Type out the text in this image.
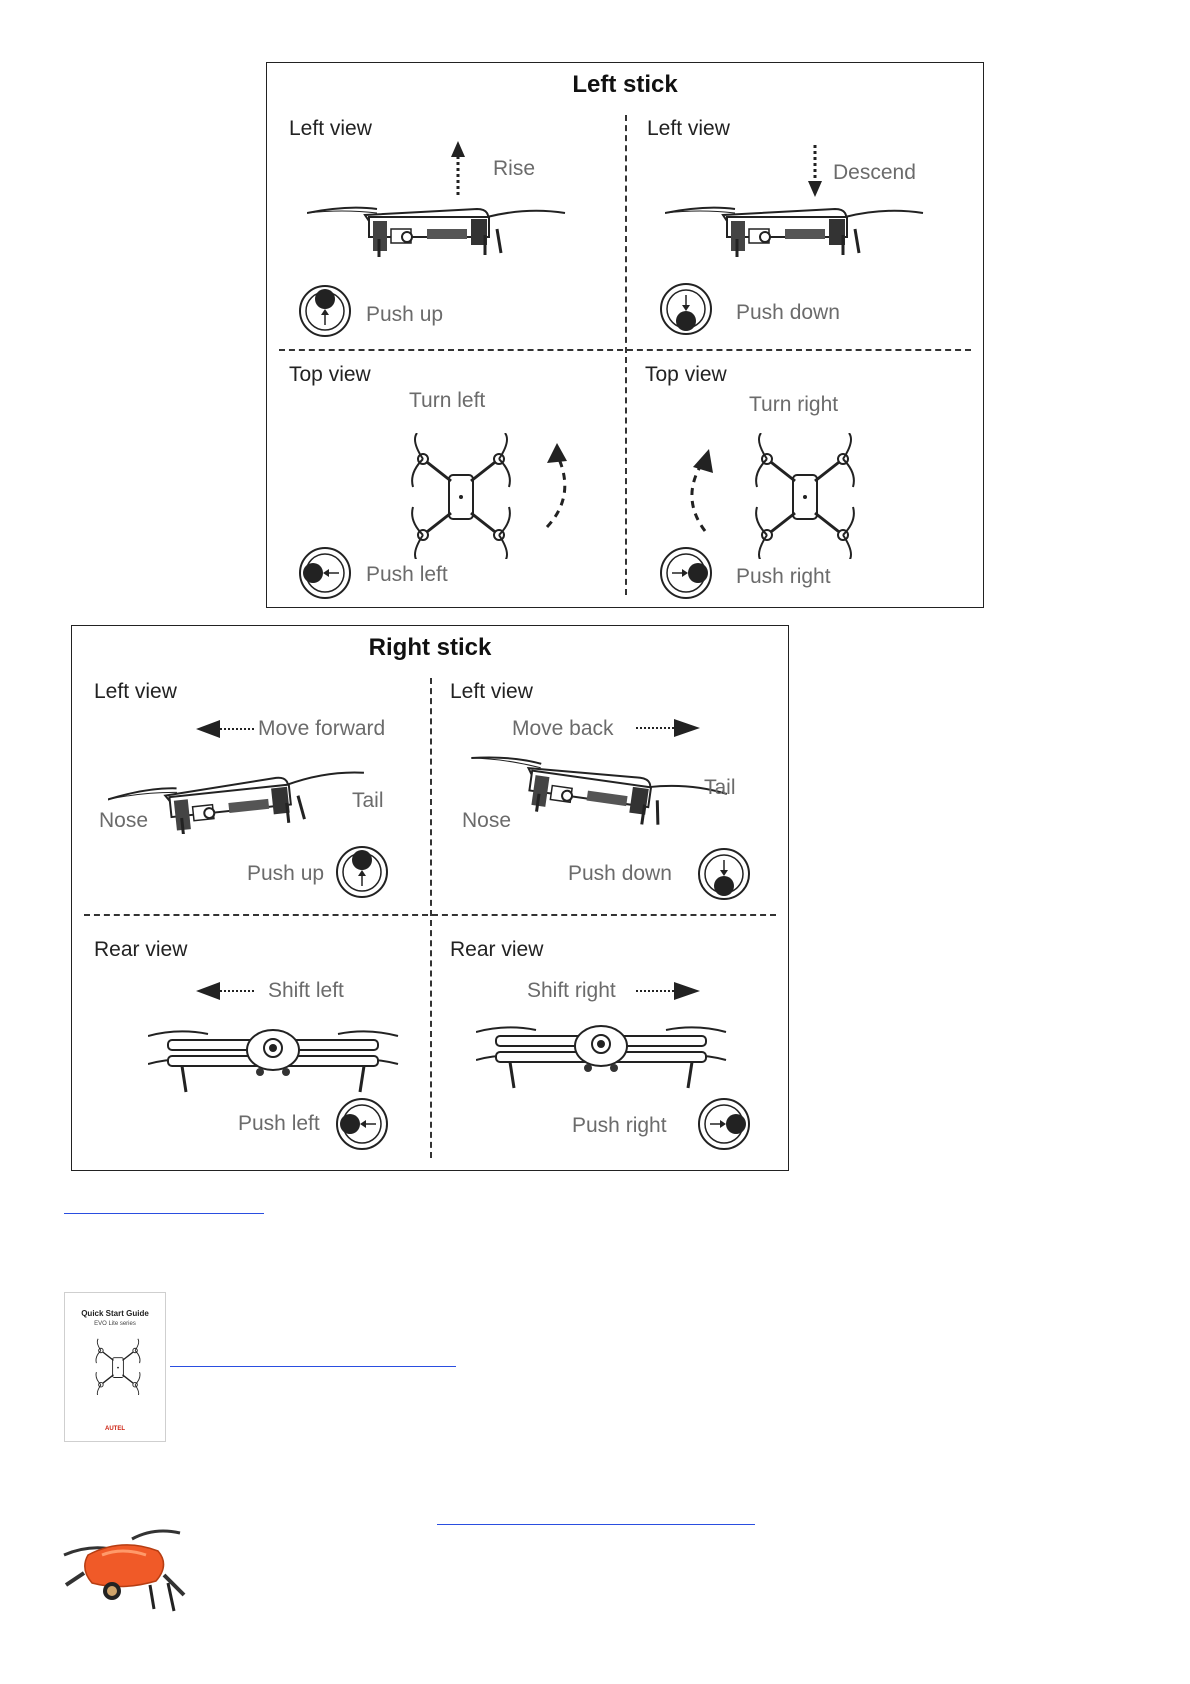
Left stick
Left view
Rise
Push up
Left view
Descend
Push down
Top view
Turn left
Push left
Top view
Turn right
Push right
Right stick
Left view
Move forward
Nose
Tail
Push up
Left view
Move back
Nose
Tail
Push down
Rear view
Shift left
Push left
Rear view
Shift right
Push right
Quick Start Guide
EVO Lite series
AUTEL
